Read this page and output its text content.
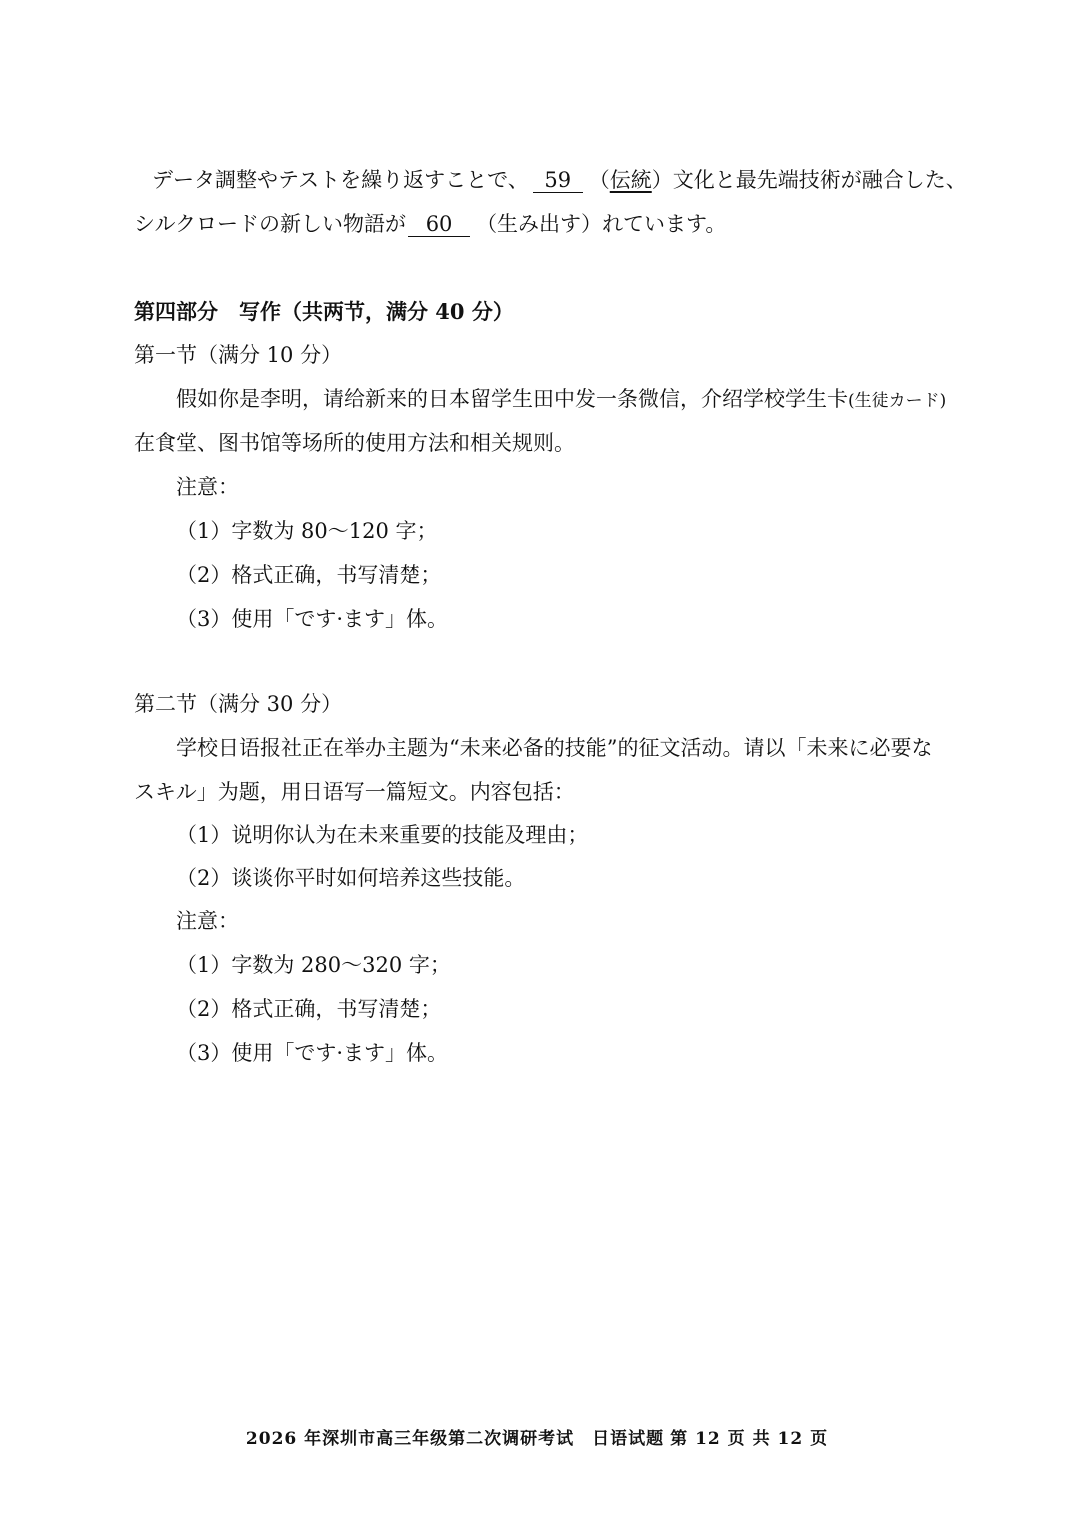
データ調整やテストを繰り返すことで、 59 （伝統）文化と最先端技術が融合した、
シルクロードの新しい物語が 60 （生み出す）れています。
第四部分　写作（共两节，满分 40 分）
第一节（满分 10 分）
假如你是李明，请给新来的日本留学生田中发一条微信，介绍学校学生卡(生徒カード)
在食堂、图书馆等场所的使用方法和相关规则。
注意：
（1）字数为 80～120 字；
（2）格式正确，书写清楚；
（3）使用「です·ます」体。
第二节（满分 30 分）
学校日语报社正在举办主题为“未来必备的技能”的征文活动。请以「未来に必要な
スキル」为题，用日语写一篇短文。内容包括：
（1）说明你认为在未来重要的技能及理由；
（2）谈谈你平时如何培养这些技能。
注意：
（1）字数为 280～320 字；
（2）格式正确，书写清楚；
（3）使用「です·ます」体。
2026 年深圳市高三年级第二次调研考试　日语试题 第 12 页 共 12 页
